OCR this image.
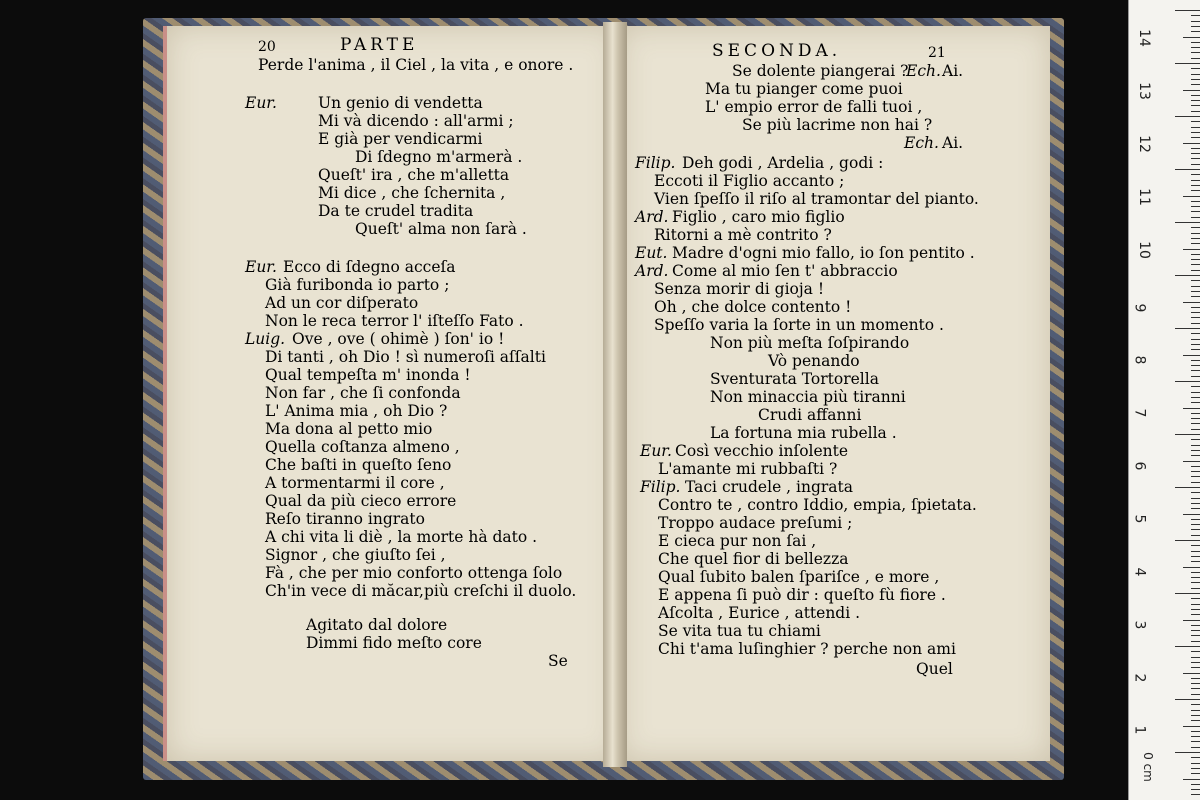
20	PARTE
Perde l'anima , il Ciel , la vita , e onore .
Eur.	Un genio di vendetta
Mi và dicendo : all'armi ;
E già per vendicarmi
Di ſdegno m'armerà .
Queſt' ira , che m'alletta
Mi dice , che ſchernita ,
Da te crudel tradita
Queſt' alma non ſarà .
Eur. Ecco di ſdegno acceſa
Già furibonda io parto ;
Ad un cor diſperato
Non le reca terror l' iſteſſo Fato .
Luig. Ove , ove ( ohimè ) ſon' io !
Di tanti , oh Dio ! sì numeroſi aſſalti
Qual tempeſta m' inonda !
Non far , che ſi confonda
L' Anima mia , oh Dio ?
Ma dona al petto mio
Quella coſtanza almeno ,
Che baſti in queſto ſeno
A tormentarmi il core ,
Qual da più cieco errore
Reſo tiranno ingrato
A chi vita li diè , la morte hà dato .
Signor , che giuſto ſei ,
Fà , che per mio conforto ottenga ſolo
Ch'in vece di măcar,più creſchi il duolo.
Agitato dal dolore
Dimmi fido meſto core
Se
SECONDA.	21
Se dolente piangerai ?
Ech. Ai.
Ma tu pianger come puoi
L' empio error de falli tuoi ,
Se più lacrime non hai ?
Ech. Ai.
Filip. Deh godi , Ardelia , godi :
Eccoti il Figlio accanto ;
Vien ſpeſſo il riſo al tramontar del pianto.
Ard. Figlio , caro mio figlio
Ritorni a mè contrito ?
Eut. Madre d'ogni mio fallo, io ſon pentito .
Ard. Come al mio ſen t' abbraccio
Senza morir di gioja !
Oh , che dolce contento !
Speſſo varia la ſorte in un momento .
Non più meſta ſoſpirando
Vò penando
Sventurata Tortorella
Non minaccia più tiranni
Crudi affanni
La fortuna mia rubella .
Eur. Così vecchio inſolente
L'amante mi rubbaſti ?
Filip. Taci crudele , ingrata
Contro te , contro Iddio, empia, ſpietata.
Troppo audace preſumi ;
E cieca pur non ſai ,
Che quel fior di bellezza
Qual ſubito balen ſpariſce , e more ,
E appena ſi può dir : queſto fù fiore .
Aſcolta , Eurice , attendi .
Se vita tua tu chiami
Chi t'ama luſinghier ? perche non ami
Quel
14
13
12
11
10
9
8
7
6
5
4
3
2
1
0 cm
